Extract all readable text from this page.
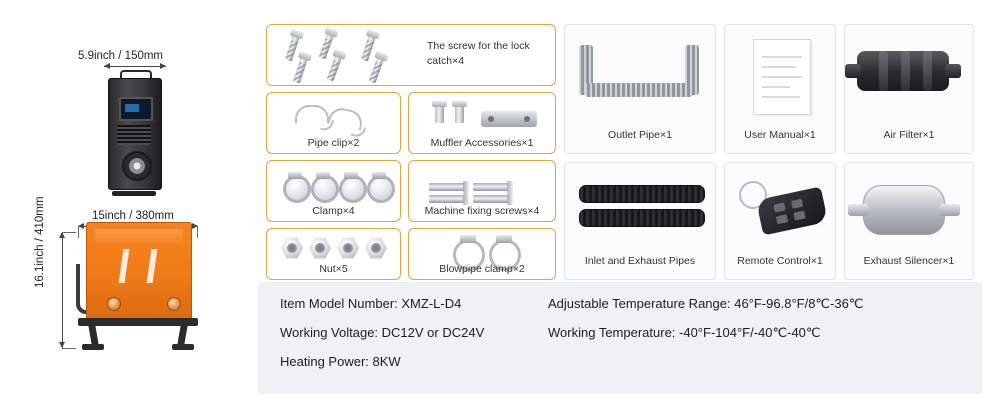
5.9inch / 150mm
15inch / 380mm
16.1inch / 410mm
The screw for the lock catch×4
Pipe clip×2	Muffler Accessories×1
Clamp×4	Machine fixing screws×4
Nut×5	Blowpipe clamp×2
Outlet Pipe×1	User Manual×1	Air Filter×1
Inlet and Exhaust Pipes	Remote Control×1	Exhaust Silencer×1
Item Model Number: XMZ-L-D4
Working Voltage: DC12V or DC24V
Heating Power: 8KW
Adjustable Temperature Range: 46°F-96.8°F/8℃-36℃
Working Temperature: -40°F-104°F/-40℃-40℃
